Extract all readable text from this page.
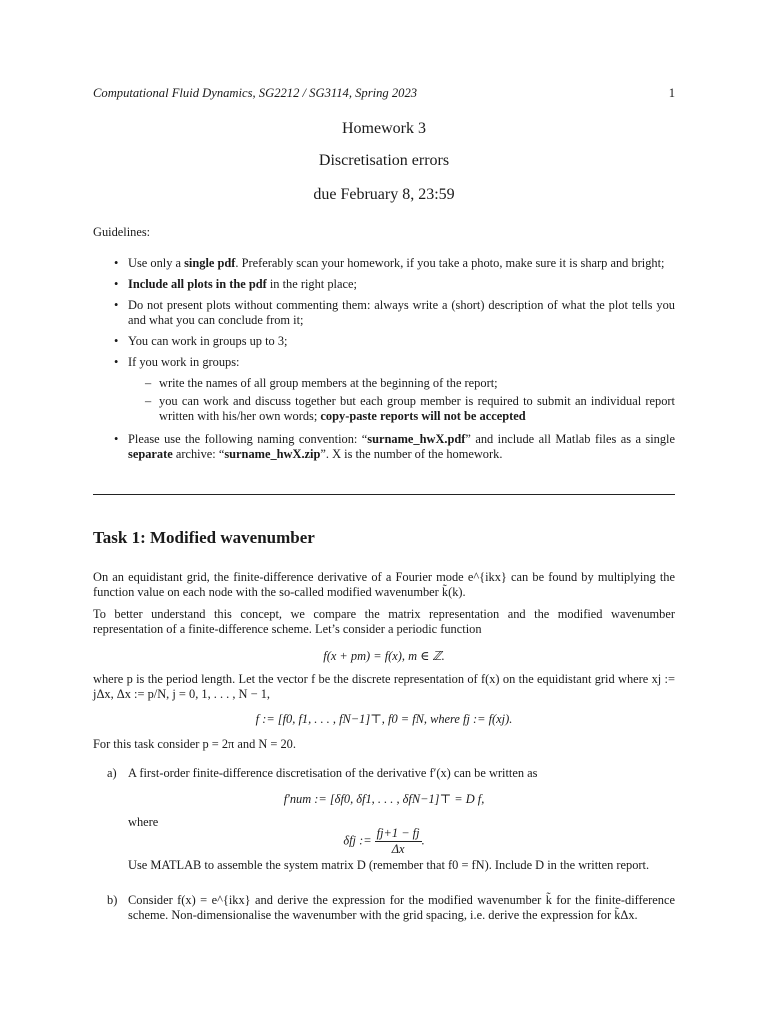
Computational Fluid Dynamics, SG2212 / SG3114, Spring 2023	1
Homework 3
Discretisation errors
due February 8, 23:59
Guidelines:
• Use only a single pdf. Preferably scan your homework, if you take a photo, make sure it is sharp and bright;
• Include all plots in the pdf in the right place;
• Do not present plots without commenting them: always write a (short) description of what the plot tells you and what you can conclude from it;
• You can work in groups up to 3;
• If you work in groups:
– write the names of all group members at the beginning of the report;
– you can work and discuss together but each group member is required to submit an individual report written with his/her own words; copy-paste reports will not be accepted
• Please use the following naming convention: “surname_hwX.pdf” and include all Matlab files as a single separate archive: “surname_hwX.zip”. X is the number of the homework.
Task 1: Modified wavenumber
On an equidistant grid, the finite-difference derivative of a Fourier mode e^{ikx} can be found by multiplying the function value on each node with the so-called modified wavenumber k̃(k).
To better understand this concept, we compare the matrix representation and the modified wavenumber representation of a finite-difference scheme. Let’s consider a periodic function
f(x + pm) = f(x), m ∈ ℤ.
where p is the period length. Let the vector f be the discrete representation of f(x) on the equidistant grid where xj := jΔx, Δx := p/N, j = 0, 1, . . . , N − 1,
f := [f0, f1, . . . , fN−1]⊤, f0 = fN, where fj := f(xj).
For this task consider p = 2π and N = 20.
a) A first-order finite-difference discretisation of the derivative f′(x) can be written as
f′num := [δf0, δf1, . . . , δfN−1]⊤ = D f,
where
δfj := $\frac{fj+1 - fj}{\Delta x}$ .
Use MATLAB to assemble the system matrix D (remember that f0 = fN). Include D in the written report.
b) Consider f(x) = e^{ikx} and derive the expression for the modified wavenumber k̃ for the finite-difference scheme. Non-dimensionalise the wavenumber with the grid spacing, i.e. derive the expression for k̃Δx.
